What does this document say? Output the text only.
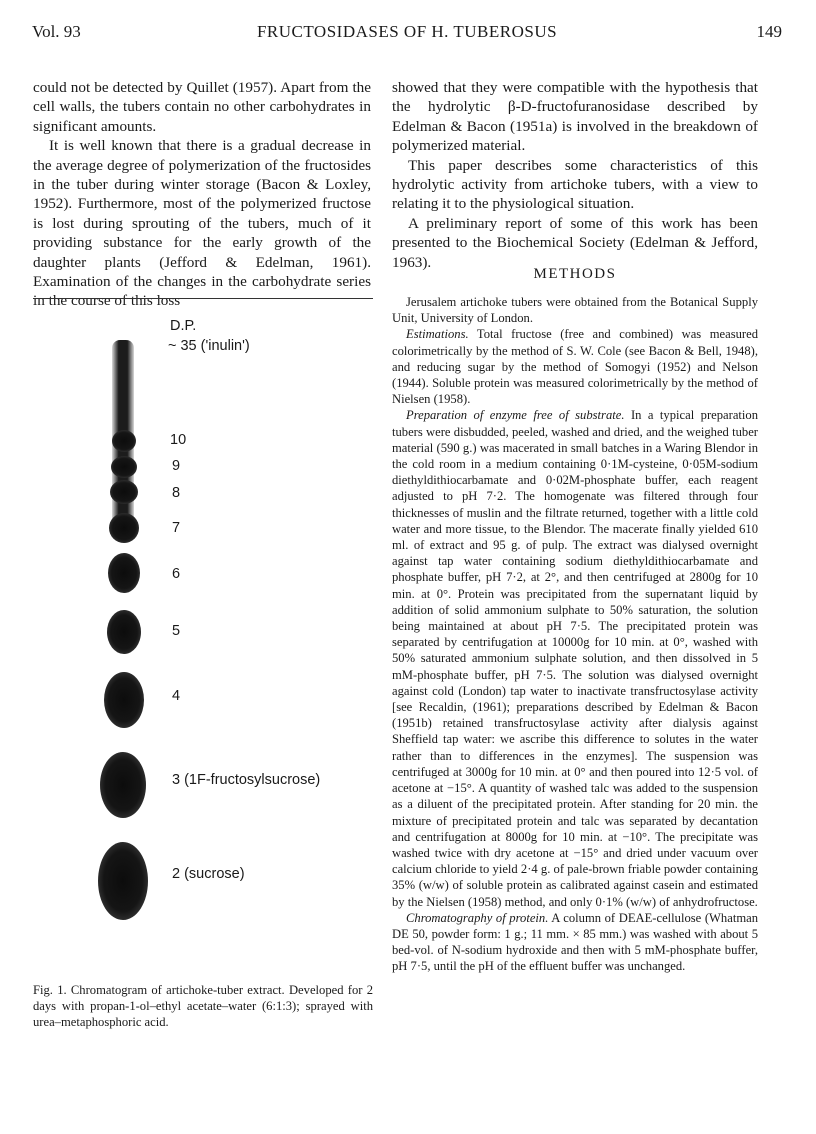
Vol. 93	FRUCTOSIDASES OF H. TUBEROSUS	149

could not be detected by Quillet (1957). Apart from the cell walls, the tubers contain no other carbohydrates in significant amounts.

It is well known that there is a gradual decrease in the average degree of polymerization of the fructosides in the tuber during winter storage (Bacon & Loxley, 1952). Furthermore, most of the polymerized fructose is lost during sprouting of the tubers, much of it providing substance for the early growth of the daughter plants (Jefford & Edelman, 1961). Examination of the changes in the carbohydrate series in the course of this loss

showed that they were compatible with the hypothesis that the hydrolytic β-D-fructofuranosidase described by Edelman & Bacon (1951a) is involved in the breakdown of polymerized material.

This paper describes some characteristics of this hydrolytic activity from artichoke tubers, with a view to relating it to the physiological situation.

A preliminary report of some of this work has been presented to the Biochemical Society (Edelman & Jefford, 1963).

METHODS

Jerusalem artichoke tubers were obtained from the Botanical Supply Unit, University of London.

Estimations. Total fructose (free and combined) was measured colorimetrically by the method of S. W. Cole (see Bacon & Bell, 1948), and reducing sugar by the method of Somogyi (1952) and Nelson (1944). Soluble protein was measured colorimetrically by the method of Nielsen (1958).

Preparation of enzyme free of substrate. In a typical preparation tubers were disbudded, peeled, washed and dried, and the weighed tuber material (590 g.) was macerated in small batches in a Waring Blendor in the cold room in a medium containing 0·1M-cysteine, 0·05M-sodium diethyldithiocarbamate and 0·02M-phosphate buffer, each reagent adjusted to pH 7·2. The homogenate was filtered through four thicknesses of muslin and the filtrate returned, together with a little cold water and more tissue, to the Blendor. The macerate finally yielded 610 ml. of extract and 95 g. of pulp. The extract was dialysed overnight against tap water containing sodium diethyldithiocarbamate and phosphate buffer, pH 7·2, at 2°, and then centrifuged at 2800g for 10 min. at 0°. Protein was precipitated from the supernatant liquid by addition of solid ammonium sulphate to 50% saturation, the solution being maintained at about pH 7·5. The precipitated protein was separated by centrifugation at 10000g for 10 min. at 0°, washed with 50% saturated ammonium sulphate solution, and then dissolved in 5 mM-phosphate buffer, pH 7·5. The solution was dialysed overnight against cold (London) tap water to inactivate transfructosylase activity [see Recaldin, (1961); preparations described by Edelman & Bacon (1951b) retained transfructosylase activity after dialysis against Sheffield tap water: we ascribe this difference to solutes in the water rather than to differences in the enzymes]. The suspension was centrifuged at 3000g for 10 min. at 0° and then poured into 12·5 vol. of acetone at −15°. A quantity of washed talc was added to the suspension as a diluent of the precipitated protein. After standing for 20 min. the mixture of precipitated protein and talc was separated by decantation and centrifugation at 8000g for 10 min. at −10°. The precipitate was washed twice with dry acetone at −15° and dried under vacuum over calcium chloride to yield 2·4 g. of pale-brown friable powder containing 35% (w/w) of soluble protein as calibrated against casein and estimated by the Nielsen (1958) method, and only 0·1% (w/w) of anhydrofructose.

Chromatography of protein. A column of DEAE-cellulose (Whatman DE 50, powder form: 1 g.; 11 mm. × 85 mm.) was washed with about 5 bed-vol. of N-sodium hydroxide and then with 5 mM-phosphate buffer, pH 7·5, until the pH of the effluent buffer was unchanged.

D.P.
~ 35 ('inulin')
10
9
8
7
6
5
4
3 (1F-fructosylsucrose)
2 (sucrose)

Fig. 1. Chromatogram of artichoke-tuber extract. Developed for 2 days with propan-1-ol–ethyl acetate–water (6:1:3); sprayed with urea–metaphosphoric acid.
